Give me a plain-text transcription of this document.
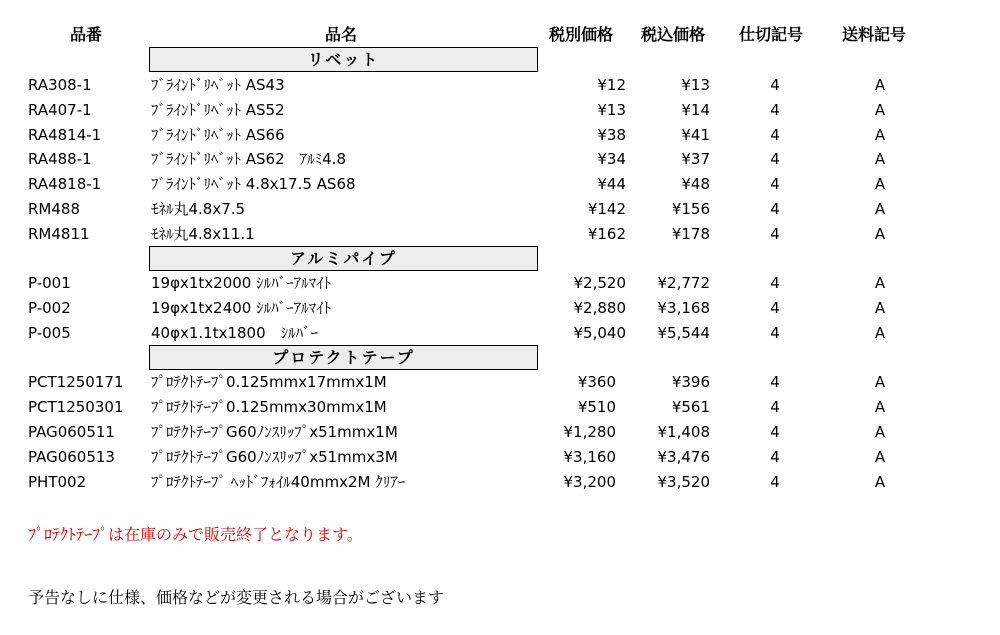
品番	品名	税別価格 税込価格 仕切記号 送料記号
リベット
RA308-1	ﾌﾞﾗｲﾝﾄﾞﾘﾍﾞｯﾄ AS43	¥12	¥13	4	A
RA407-1	ﾌﾞﾗｲﾝﾄﾞﾘﾍﾞｯﾄ AS52	¥13	¥14	4	A
RA4814-1	ﾌﾞﾗｲﾝﾄﾞﾘﾍﾞｯﾄ AS66	¥38	¥41	4	A
RA488-1	ﾌﾞﾗｲﾝﾄﾞﾘﾍﾞｯﾄ AS62　ｱﾙﾐ4.8	¥34	¥37	4	A
RA4818-1	ﾌﾞﾗｲﾝﾄﾞﾘﾍﾞｯﾄ 4.8x17.5 AS68	¥44	¥48	4	A
RM488	ﾓﾈﾙ丸4.8x7.5	¥142	¥156	4	A
RM4811	ﾓﾈﾙ丸4.8x11.1	¥162	¥178	4	A
アルミパイプ
P-001	19φx1tx2000 ｼﾙﾊﾞｰｱﾙﾏｲﾄ	¥2,520	¥2,772	4	A
P-002	19φx1tx2400 ｼﾙﾊﾞｰｱﾙﾏｲﾄ	¥2,880	¥3,168	4	A
P-005	40φx1.1tx1800　ｼﾙﾊﾞｰ	¥5,040	¥5,544	4	A
プロテクトテープ
PCT1250171 ﾌﾟﾛﾃｸﾄﾃｰﾌﾟ0.125mmx17mmx1M	¥360	¥396	4	A
PCT1250301 ﾌﾟﾛﾃｸﾄﾃｰﾌﾟ0.125mmx30mmx1M	¥510	¥561	4	A
PAG060511 ﾌﾟﾛﾃｸﾄﾃｰﾌﾟG60ﾉﾝｽﾘｯﾌﾟx51mmx1M	¥1,280	¥1,408	4	A
PAG060513 ﾌﾟﾛﾃｸﾄﾃｰﾌﾟG60ﾉﾝｽﾘｯﾌﾟx51mmx3M	¥3,160	¥3,476	4	A
PHT002	ﾌﾟﾛﾃｸﾄﾃｰﾌﾟ ﾍｯﾄﾞﾌｫｲﾙ40mmx2M ｸﾘｱｰ	¥3,200	¥3,520	4	A
ﾌﾟﾛﾃｸﾄﾃｰﾌﾟは在庫のみで販売終了となります。
予告なしに仕様、価格などが変更される場合がございます
